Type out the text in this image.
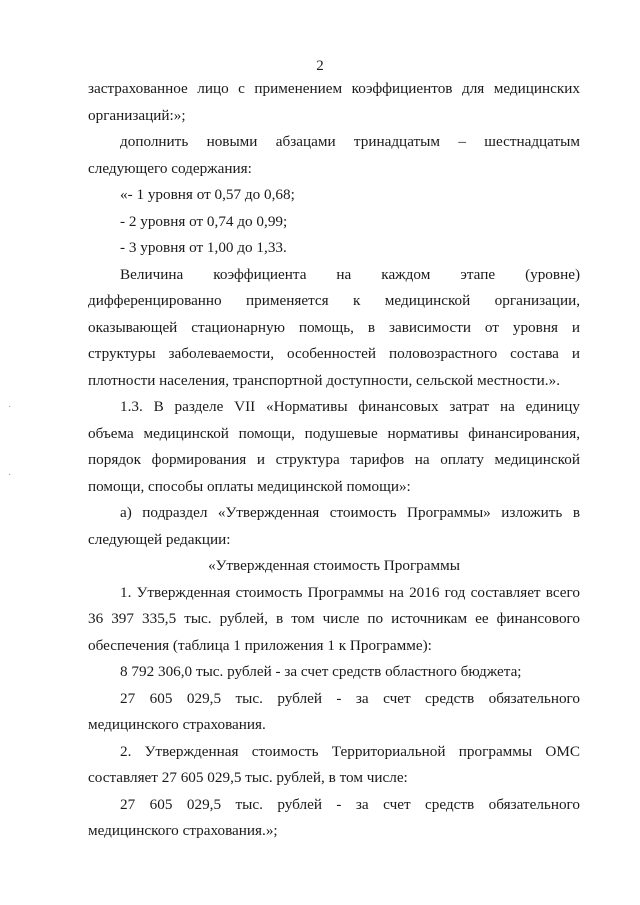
2
застрахованное лицо с применением коэффициентов для медицинских
организаций:»;
дополнить новыми абзацами тринадцатым – шестнадцатым
следующего содержания:
«- 1 уровня от 0,57 до 0,68;
- 2 уровня от 0,74 до 0,99;
- 3 уровня от 1,00 до 1,33.
Величина коэффициента на каждом этапе (уровне)
дифференцированно применяется к медицинской организации,
оказывающей стационарную помощь, в зависимости от уровня и
структуры заболеваемости, особенностей половозрастного состава и
плотности населения, транспортной доступности, сельской местности.».
1.3. В разделе VII «Нормативы финансовых затрат на единицу
объема медицинской помощи, подушевые нормативы финансирования,
порядок формирования и структура тарифов на оплату медицинской
помощи, способы оплаты медицинской помощи»:
а) подраздел «Утвержденная стоимость Программы» изложить в
следующей редакции:
«Утвержденная стоимость Программы
1. Утвержденная стоимость Программы на 2016 год составляет всего
36 397 335,5 тыс. рублей, в том числе по источникам ее финансового
обеспечения (таблица 1 приложения 1 к Программе):
8 792 306,0 тыс. рублей - за счет средств областного бюджета;
27 605 029,5 тыс. рублей - за счет средств обязательного
медицинского страхования.
2. Утвержденная стоимость Территориальной программы ОМС
составляет 27 605 029,5 тыс. рублей, в том числе:
27 605 029,5 тыс. рублей - за счет средств обязательного
медицинского страхования.»;
·
·
